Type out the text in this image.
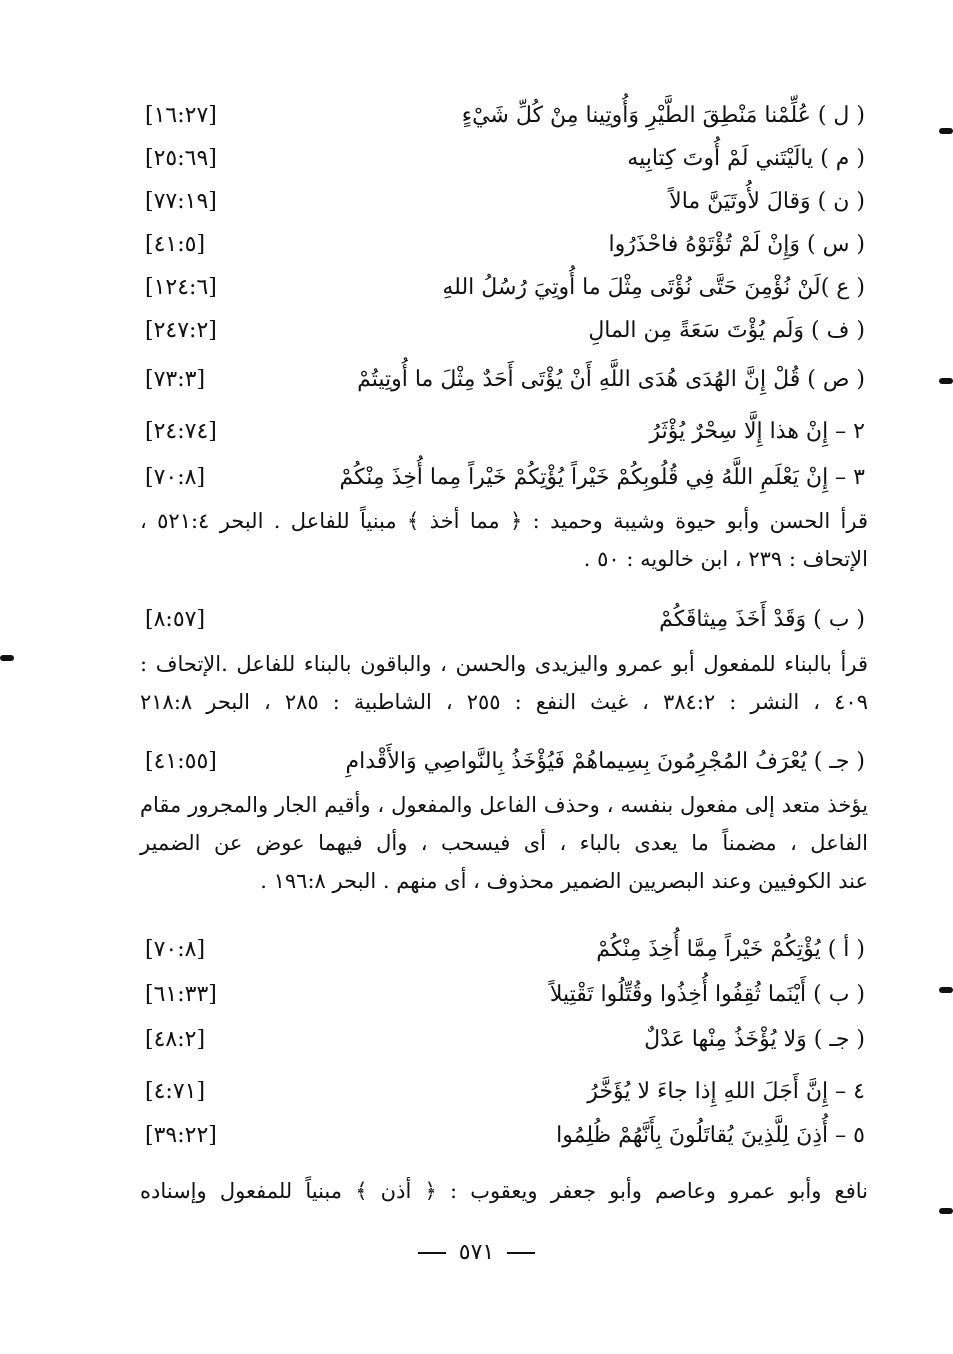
( ل ) عُلِّمْنا مَنْطِقَ الطَّيْرِ وَأُوتِينا مِنْ كُلِّ شَيْءٍ
[١٦:٢٧]
( م ) يالَيْتَني لَمْ أُوتَ كِتابِيه
[٢٥:٦٩]
( ن ) وَقالَ لأُوتَيَنَّ مالاً
[٧٧:١٩]
( س ) وَإِنْ لَمْ تُؤْتَوْهُ فاحْذَرُوا
[٤١:٥]
( ع )لَنْ نُؤْمِنَ حَتَّى نُؤْتَى مِثْلَ ما أُوتِيَ رُسُلُ اللهِ
[١٢٤:٦]
( ف ) وَلَم يُؤْتَ سَعَةً مِن المالِ
[٢٤٧:٢]
( ص ) قُلْ إِنَّ الهُدَى هُدَى اللَّهِ أَنْ يُؤْتَى أَحَدٌ مِثْلَ ما أُوتِيتُمْ
[٧٣:٣]
٢ – إِنْ هذا إِلَّا سِحْرٌ يُؤْثَرُ
[٢٤:٧٤]
٣ – إِنْ يَعْلَمِ اللَّهُ فِي قُلُوبِكُمْ خَيْراً يُؤْتِكُمْ خَيْراً مِما أُخِذَ مِنْكُمْ
[٧٠:٨]
قرأ الحسن وأبو حيوة وشيبة وحميد : ﴿ مما أخذ ﴾ مبنياً للفاعل . البحر ٥٢١:٤ ،
الإتحاف : ٢٣٩ ، ابن خالويه : ٥٠ .
( ب ) وَقَدْ أَخَذَ مِيثاقَكُمْ
[٨:٥٧]
قرأ بالبناء للمفعول أبو عمرو واليزيدى والحسن ، والباقون بالبناء للفاعل .الإتحاف :
٤٠٩ ، النشر : ٣٨٤:٢ ، غيث النفع : ٢٥٥ ، الشاطبية : ٢٨٥ ، البحر ٢١٨:٨
( جـ ) يُعْرَفُ المُجْرِمُونَ بِسِيماهُمْ فَيُؤْخَذُ بِالنَّواصِي وَالأَقْدامِ
[٤١:٥٥]
يؤخذ متعد إلى مفعول بنفسه ، وحذف الفاعل والمفعول ، وأقيم الجار والمجرور مقام
الفاعل ، مضمناً ما يعدى بالباء ، أى فيسحب ، وأل فيهما عوض عن الضمير
عند الكوفيين وعند البصريين الضمير محذوف ، أى منهم . البحر ١٩٦:٨ .
( أ ) يُؤْتِكُمْ خَيْراً مِمَّا أُخِذَ مِنْكُمْ
[٧٠:٨]
( ب ) أَيْنَما ثُقِفُوا أُخِذُوا وقُتِّلُوا تَقْتِيلاً
[٦١:٣٣]
( جـ ) وَلا يُؤْخَذُ مِنْها عَدْلٌ
[٤٨:٢]
٤ – إِنَّ أَجَلَ اللهِ إِذا جاءَ لا يُؤَخَّرُ
[٤:٧١]
٥ – أُذِنَ لِلَّذِينَ يُقاتَلُونَ بِأَنَّهُمْ ظُلِمُوا
[٣٩:٢٢]
نافع وأبو عمرو وعاصم وأبو جعفر ويعقوب : ﴿ أذن ﴾ مبنياً للمفعول وإسناده
٥٧١
